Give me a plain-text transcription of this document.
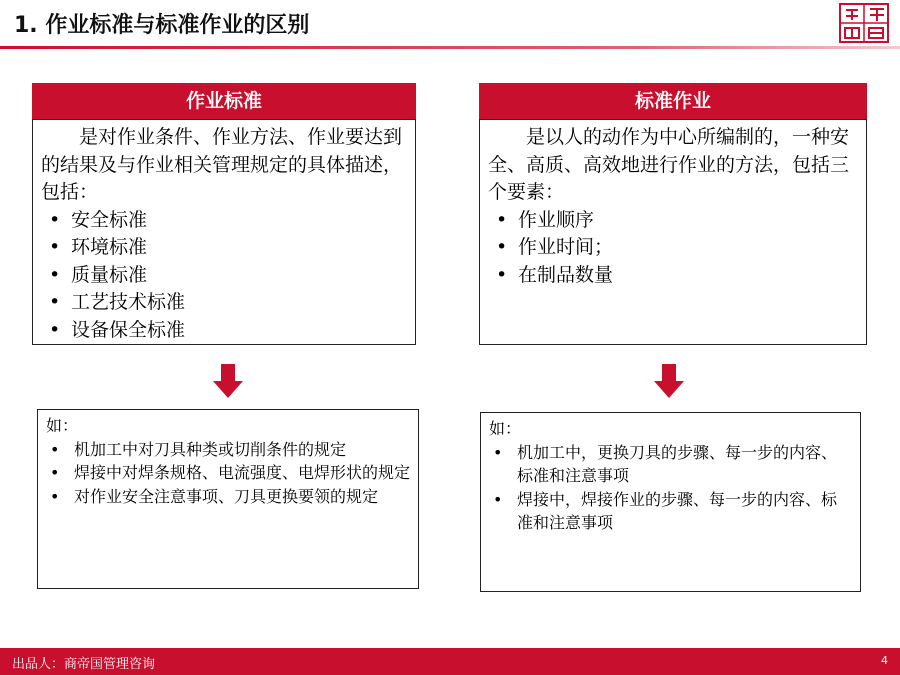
1. 作业标准与标准作业的区别
作业标准

是对作业条件、作业方法、作业要达到的结果及与作业相关管理规定的具体描述，包括：

• 安全标准
• 环境标准
• 质量标准
• 工艺技术标准
• 设备保全标准
标准作业

是以人的动作为中心所编制的，一种安全、高质、高效地进行作业的方法，包括三个要素：

• 作业顺序
• 作业时间；
• 在制品数量

如：

• 机加工中对刀具种类或切削条件的规定
• 焊接中对焊条规格、电流强度、电焊形状的规定
• 对作业安全注意事项、刀具更换要领的规定

如：

• 机加工中，更换刀具的步骤、每一步的内容、标准和注意事项
• 焊接中，焊接作业的步骤、每一步的内容、标准和注意事项
出品人：商帝国管理咨询	4
